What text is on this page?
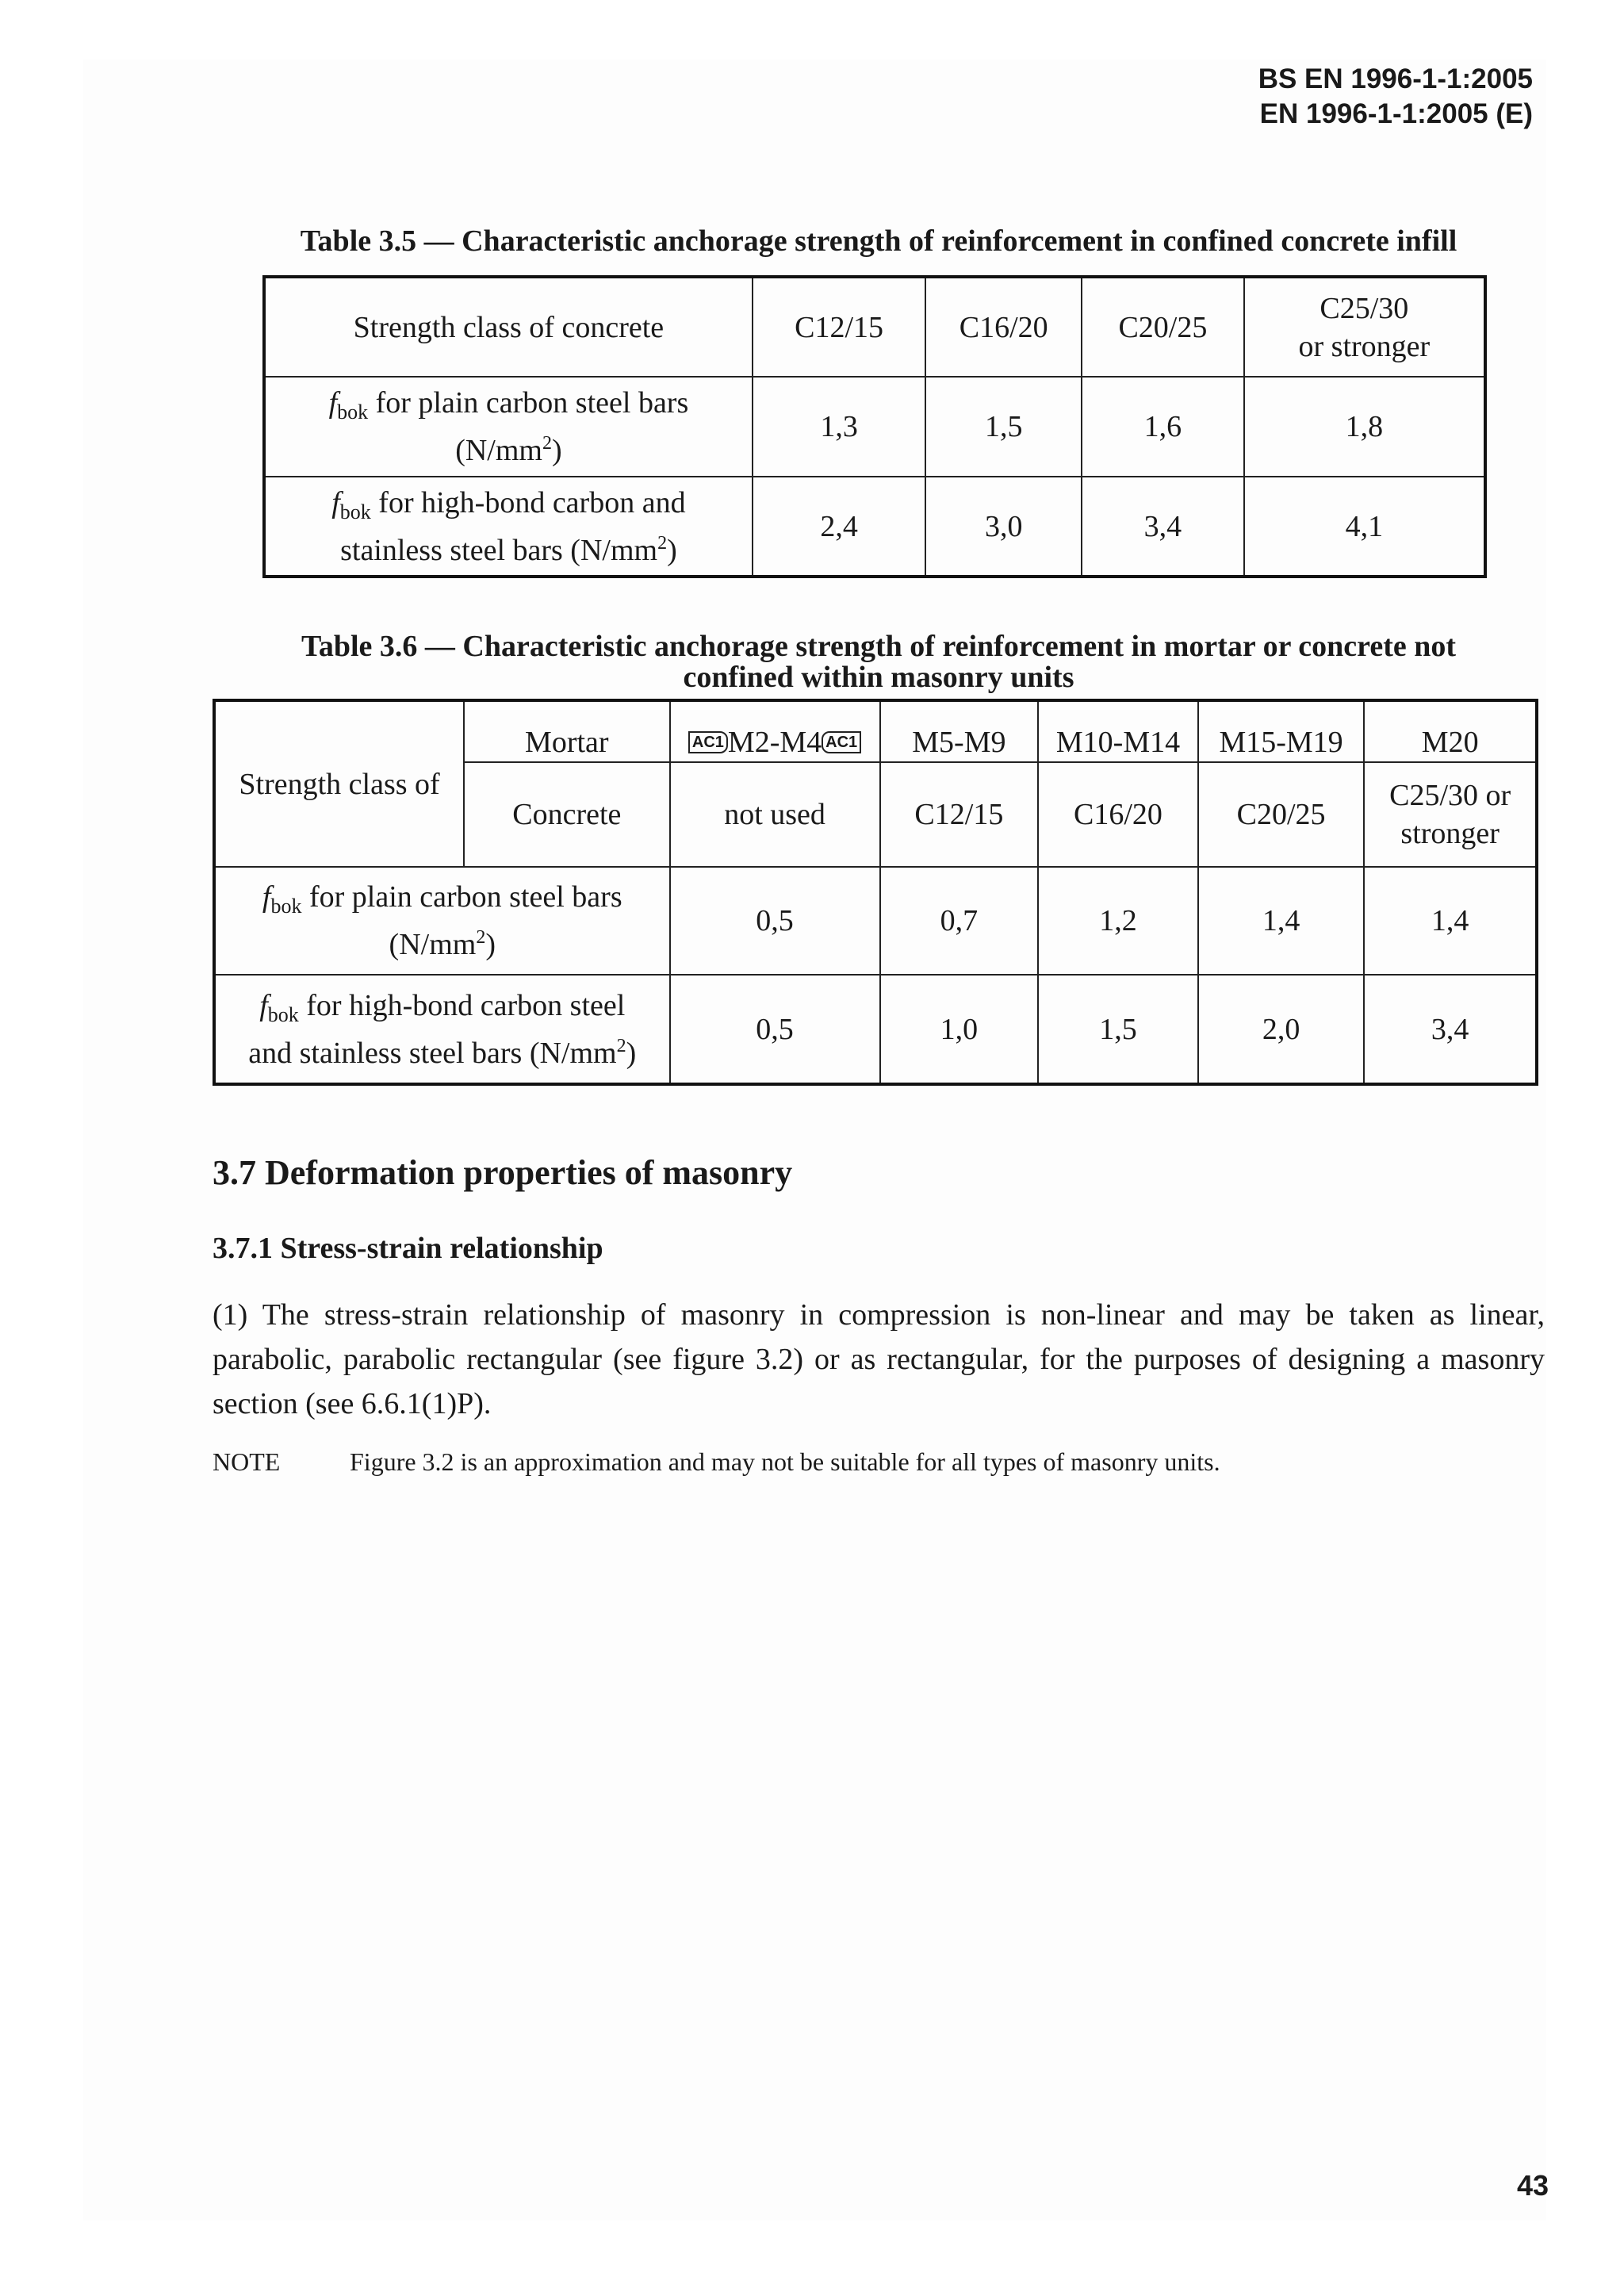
BS EN 1996-1-1:2005
EN 1996-1-1:2005 (E)
Table 3.5 — Characteristic anchorage strength of reinforcement in confined concrete infill
Strength class of concrete	C12/15	C16/20	C20/25	C25/30
or stronger

$f_{bok}$ for plain carbon steel bars
$(N/mm^2)$	1,3	1,5	1,6	1,8

$f_{bok}$ for high-bond carbon and
stainless steel bars $(N/mm^2)$	2,4	3,0	3,4	4,1
Table 3.6 — Characteristic anchorage strength of reinforcement in mortar or concrete not
confined within masonry units
Strength class of	Mortar	AC1 M2-M4 AC1	M5-M9	M10-M14	M15-M19	M20
	Concrete	not used	C12/15	C16/20	C20/25	C25/30 or
stronger

$f_{bok}$ for plain carbon steel bars
$(N/mm^2)$		0,5	0,7	1,2	1,4	1,4

$f_{bok}$ for high-bond carbon steel
and stainless steel bars $(N/mm^2)$		0,5	1,0	1,5	2,0	3,4
3.7 Deformation properties of masonry
3.7.1 Stress-strain relationship
(1) The stress-strain relationship of masonry in compression is non-linear and may be taken as linear, parabolic, parabolic rectangular (see figure 3.2) or as rectangular, for the purposes of designing a masonry section (see 6.6.1(1)P).
NOTE	Figure 3.2 is an approximation and may not be suitable for all types of masonry units.
43
